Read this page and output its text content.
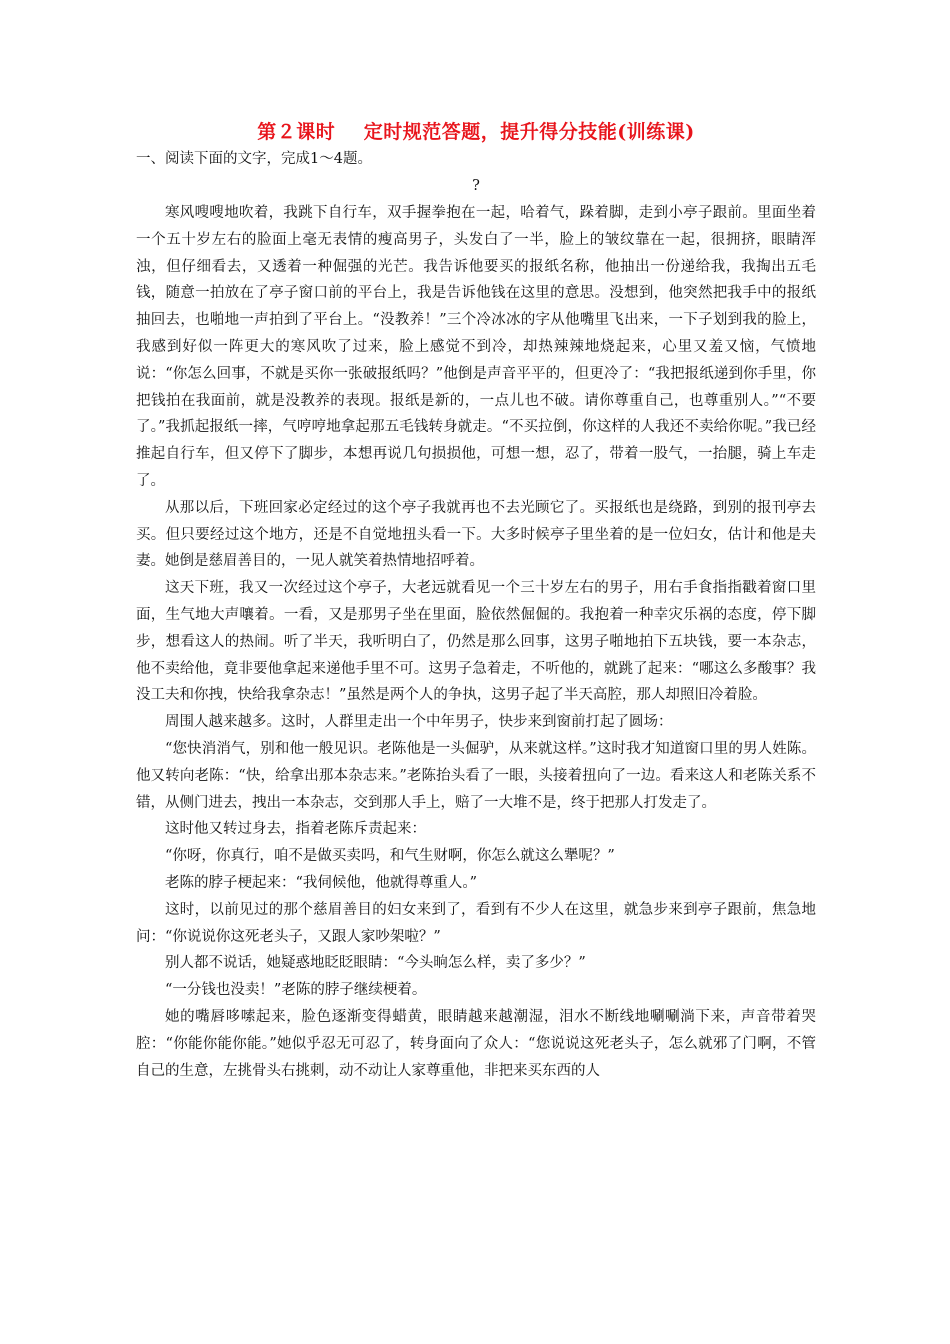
第２课时    定时规范答题，提升得分技能(训练课)

一、阅读下面的文字，完成1～4题。

?

寒风嗖嗖地吹着，我跳下自行车，双手握拳抱在一起，哈着气，跺着脚，走到小亭子跟前。里面坐着一个五十岁左右的脸面上毫无表情的瘦高男子，头发白了一半，脸上的皱纹靠在一起，很拥挤，眼睛浑浊，但仔细看去，又透着一种倔强的光芒。我告诉他要买的报纸名称，他抽出一份递给我，我掏出五毛钱，随意一拍放在了亭子窗口前的平台上，我是告诉他钱在这里的意思。没想到，他突然把我手中的报纸抽回去，也啪地一声拍到了平台上。“没教养！”三个冷冰冰的字从他嘴里飞出来，一下子划到我的脸上，我感到好似一阵更大的寒风吹了过来，脸上感觉不到冷，却热辣辣地烧起来，心里又羞又恼，气愤地说：“你怎么回事，不就是买你一张破报纸吗？”他倒是声音平平的，但更冷了：“我把报纸递到你手里，你把钱拍在我面前，就是没教养的表现。报纸是新的，一点儿也不破。请你尊重自己，也尊重别人。”“不要了。”我抓起报纸一摔，气哼哼地拿起那五毛钱转身就走。“不买拉倒，你这样的人我还不卖给你呢。”我已经推起自行车，但又停下了脚步，本想再说几句损损他，可想一想，忍了，带着一股气，一抬腿，骑上车走了。

从那以后，下班回家必定经过的这个亭子我就再也不去光顾它了。买报纸也是绕路，到别的报刊亭去买。但只要经过这个地方，还是不自觉地扭头看一下。大多时候亭子里坐着的是一位妇女，估计和他是夫妻。她倒是慈眉善目的，一见人就笑着热情地招呼着。

这天下班，我又一次经过这个亭子，大老远就看见一个三十岁左右的男子，用右手食指指戳着窗口里面，生气地大声嚷着。一看，又是那男子坐在里面，脸依然倔倔的。我抱着一种幸灾乐祸的态度，停下脚步，想看这人的热闹。听了半天，我听明白了，仍然是那么回事，这男子啪地拍下五块钱，要一本杂志，他不卖给他，竟非要他拿起来递他手里不可。这男子急着走，不听他的，就跳了起来：“哪这么多酸事？我没工夫和你拽，快给我拿杂志！”虽然是两个人的争执，这男子起了半天高腔，那人却照旧冷着脸。

周围人越来越多。这时，人群里走出一个中年男子，快步来到窗前打起了圆场：

“您快消消气，别和他一般见识。老陈他是一头倔驴，从来就这样。”这时我才知道窗口里的男人姓陈。他又转向老陈：“快，给拿出那本杂志来。”老陈抬头看了一眼，头接着扭向了一边。看来这人和老陈关系不错，从侧门进去，拽出一本杂志，交到那人手上，赔了一大堆不是，终于把那人打发走了。

这时他又转过身去，指着老陈斥责起来：

“你呀，你真行，咱不是做买卖吗，和气生财啊，你怎么就这么犟呢？”

老陈的脖子梗起来：“我伺候他，他就得尊重人。”

这时，以前见过的那个慈眉善目的妇女来到了，看到有不少人在这里，就急步来到亭子跟前，焦急地问：“你说说你这死老头子，又跟人家吵架啦？”

别人都不说话，她疑惑地眨眨眼睛：“今头晌怎么样，卖了多少？”

“一分钱也没卖！”老陈的脖子继续梗着。

她的嘴唇哆嗦起来，脸色逐渐变得蜡黄，眼睛越来越潮湿，泪水不断线地唰唰淌下来，声音带着哭腔：“你能你能你能。”她似乎忍无可忍了，转身面向了众人：“您说说这死老头子，怎么就邪了门啊，不管自己的生意，左挑骨头右挑刺，动不动让人家尊重他，非把来买东西的人
